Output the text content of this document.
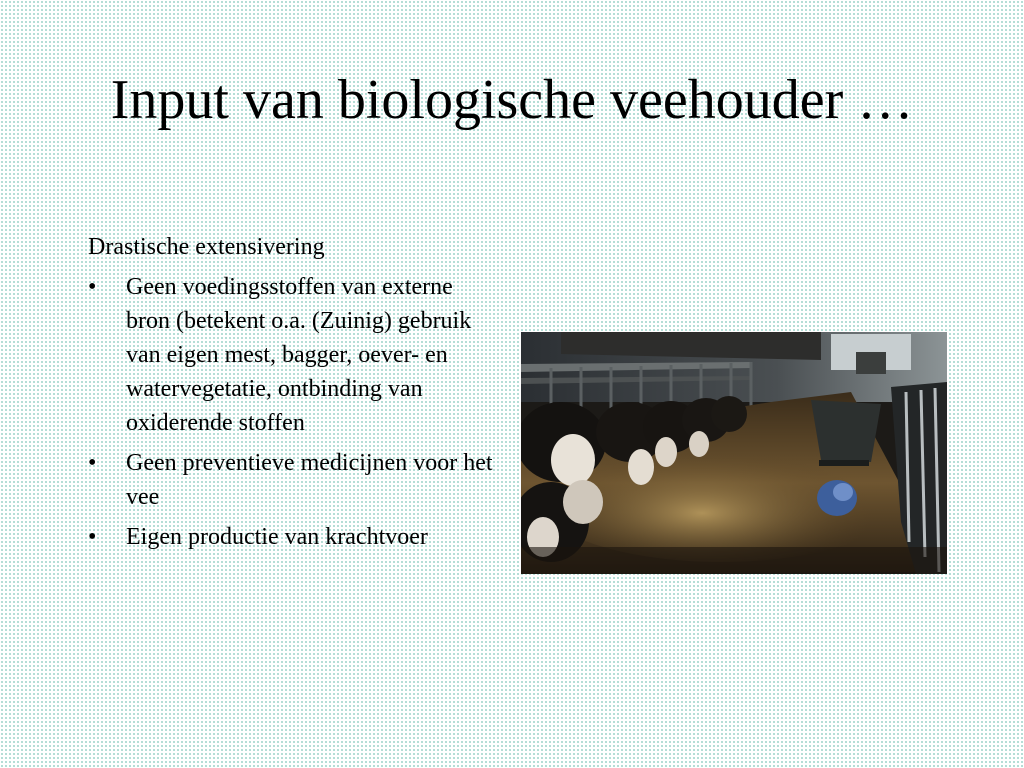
Input van biologische veehouder …
Drastische extensivering
• Geen voedingsstoffen van externe bron (betekent o.a. (Zuinig) gebruik van eigen mest, bagger, oever- en watervegetatie, ontbinding van oxiderende stoffen
• Geen preventieve medicijnen voor het vee
• Eigen productie van krachtvoer
